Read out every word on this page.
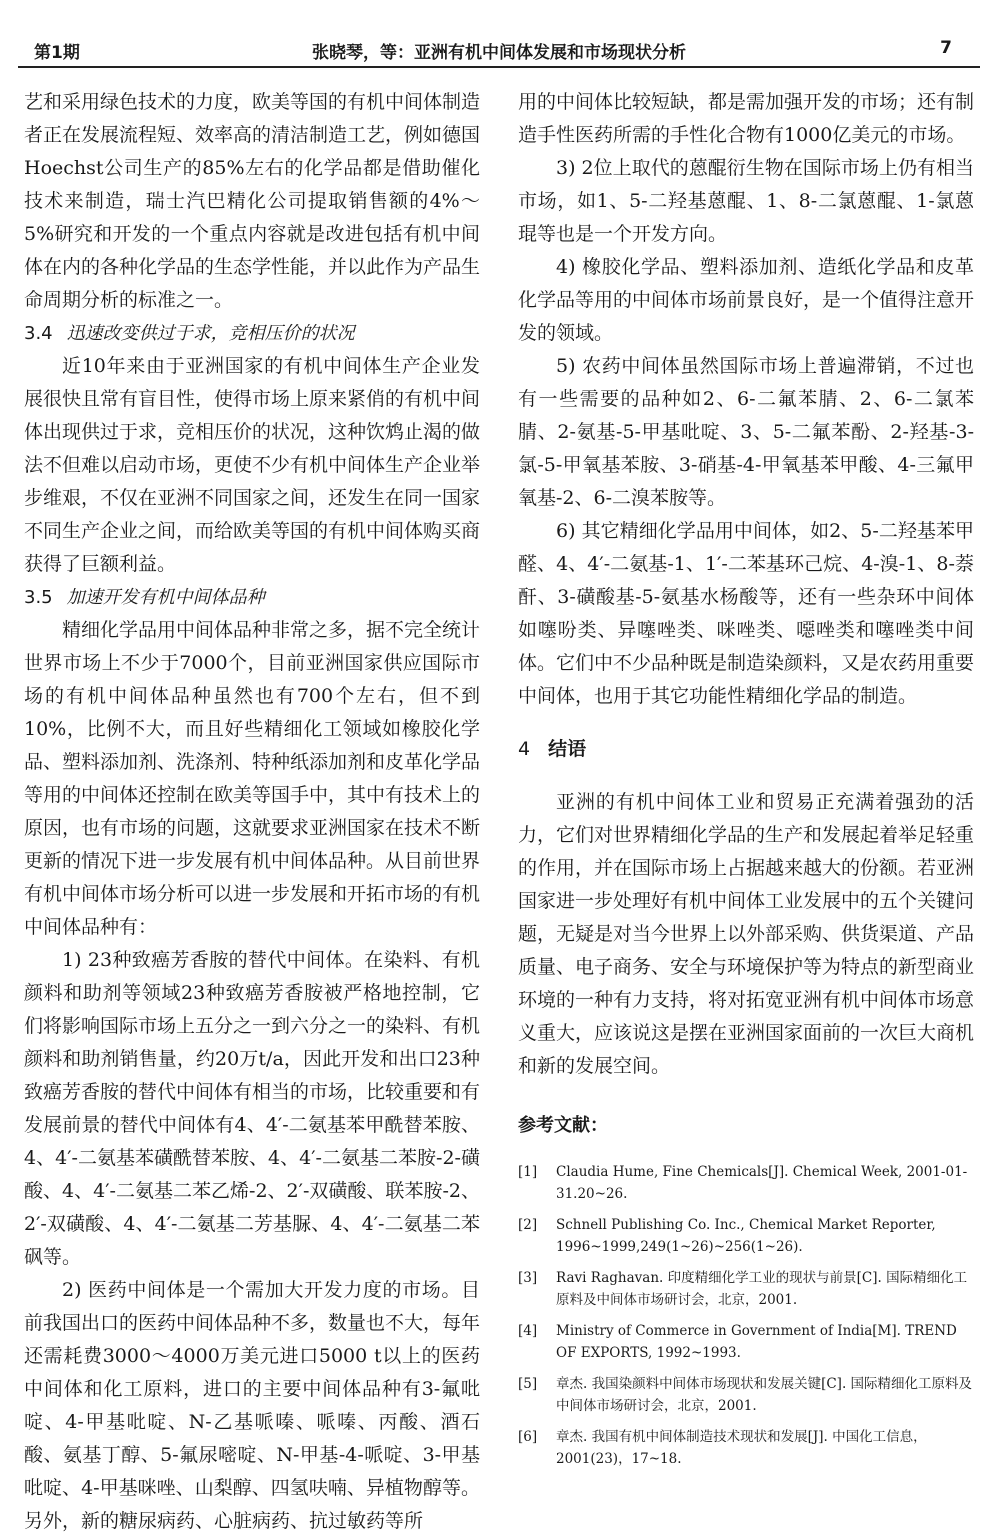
第1期	张晓琴，等：亚洲有机中间体发展和市场现状分析	7

艺和采用绿色技术的力度，欧美等国的有机中间体制造者正在发展流程短、效率高的清洁制造工艺，例如德国Hoechst公司生产的85%左右的化学品都是借助催化技术来制造，瑞士汽巴精化公司提取销售额的4%～5%研究和开发的一个重点内容就是改进包括有机中间体在内的各种化学品的生态学性能，并以此作为产品生命周期分析的标准之一。

3.4 迅速改变供过于求，竞相压价的状况

近10年来由于亚洲国家的有机中间体生产企业发展很快且常有盲目性，使得市场上原来紧俏的有机中间体出现供过于求，竞相压价的状况，这种饮鸩止渴的做法不但难以启动市场，更使不少有机中间体生产企业举步维艰，不仅在亚洲不同国家之间，还发生在同一国家不同生产企业之间，而给欧美等国的有机中间体购买商获得了巨额利益。

3.5 加速开发有机中间体品种

精细化学品用中间体品种非常之多，据不完全统计世界市场上不少于7000个，目前亚洲国家供应国际市场的有机中间体品种虽然也有700个左右，但不到10%，比例不大，而且好些精细化工领域如橡胶化学品、塑料添加剂、洗涤剂、特种纸添加剂和皮革化学品等用的中间体还控制在欧美等国手中，其中有技术上的原因，也有市场的问题，这就要求亚洲国家在技术不断更新的情况下进一步发展有机中间体品种。从目前世界有机中间体市场分析可以进一步发展和开拓市场的有机中间体品种有：

1) 23种致癌芳香胺的替代中间体。在染料、有机颜料和助剂等领域23种致癌芳香胺被严格地控制，它们将影响国际市场上五分之一到六分之一的染料、有机颜料和助剂销售量，约20万t/a，因此开发和出口23种致癌芳香胺的替代中间体有相当的市场，比较重要和有发展前景的替代中间体有4、4′-二氨基苯甲酰替苯胺、4、4′-二氨基苯磺酰替苯胺、4、4′-二氨基二苯胺-2-磺酸、4、4′-二氨基二苯乙烯-2、2′-双磺酸、联苯胺-2、2′-双磺酸、4、4′-二氨基二芳基脲、4、4′-二氨基二苯砜等。

2) 医药中间体是一个需加大开发力度的市场。目前我国出口的医药中间体品种不多，数量也不大，每年还需耗费3000～4000万美元进口5000 t以上的医药中间体和化工原料，进口的主要中间体品种有3-氟吡啶、4-甲基吡啶、N-乙基哌嗪、哌嗪、丙酸、酒石酸、氨基丁醇、5-氟尿嘧啶、N-甲基-4-哌啶、3-甲基吡啶、4-甲基咪唑、山梨醇、四氢呋喃、异植物醇等。另外，新的糖尿病药、心脏病药、抗过敏药等所

用的中间体比较短缺，都是需加强开发的市场；还有制造手性医药所需的手性化合物有1000亿美元的市场。

3) 2位上取代的蒽醌衍生物在国际市场上仍有相当市场，如1、5-二羟基蒽醌、1、8-二氯蒽醌、1-氯蒽琨等也是一个开发方向。

4) 橡胶化学品、塑料添加剂、造纸化学品和皮革化学品等用的中间体市场前景良好，是一个值得注意开发的领域。

5) 农药中间体虽然国际市场上普遍滞销，不过也有一些需要的品种如2、6-二氟苯腈、2、6-二氯苯腈、2-氨基-5-甲基吡啶、3、5-二氟苯酚、2-羟基-3-氯-5-甲氧基苯胺、3-硝基-4-甲氧基苯甲酸、4-三氟甲氧基-2、6-二溴苯胺等。

6) 其它精细化学品用中间体，如2、5-二羟基苯甲醛、4、4′-二氨基-1、1′-二苯基环己烷、4-溴-1、8-萘酐、3-磺酸基-5-氨基水杨酸等，还有一些杂环中间体如噻吩类、异噻唑类、咪唑类、噁唑类和噻唑类中间体。它们中不少品种既是制造染颜料，又是农药用重要中间体，也用于其它功能性精细化学品的制造。

4 结语

亚洲的有机中间体工业和贸易正充满着强劲的活力，它们对世界精细化学品的生产和发展起着举足轻重的作用，并在国际市场上占据越来越大的份额。若亚洲国家进一步处理好有机中间体工业发展中的五个关键问题，无疑是对当今世界上以外部采购、供货渠道、产品质量、电子商务、安全与环境保护等为特点的新型商业环境的一种有力支持，将对拓宽亚洲有机中间体市场意义重大，应该说这是摆在亚洲国家面前的一次巨大商机和新的发展空间。

参考文献：
[1] Claudia Hume, Fine Chemicals[J]. Chemical Week, 2001-01-31.20~26.
[2] Schnell Publishing Co. Inc., Chemical Market Reporter, 1996~1999,249(1~26)~256(1~26).
[3] Ravi Raghavan. 印度精细化学工业的现状与前景[C]. 国际精细化工原料及中间体市场研讨会，北京，2001.
[4] Ministry of Commerce in Government of India[M]. TREND OF EXPORTS, 1992~1993.
[5] 章杰. 我国染颜料中间体市场现状和发展关键[C]. 国际精细化工原料及中间体市场研讨会，北京，2001.
[6] 章杰. 我国有机中间体制造技术现状和发展[J]. 中国化工信息，2001(23)，17~18.
